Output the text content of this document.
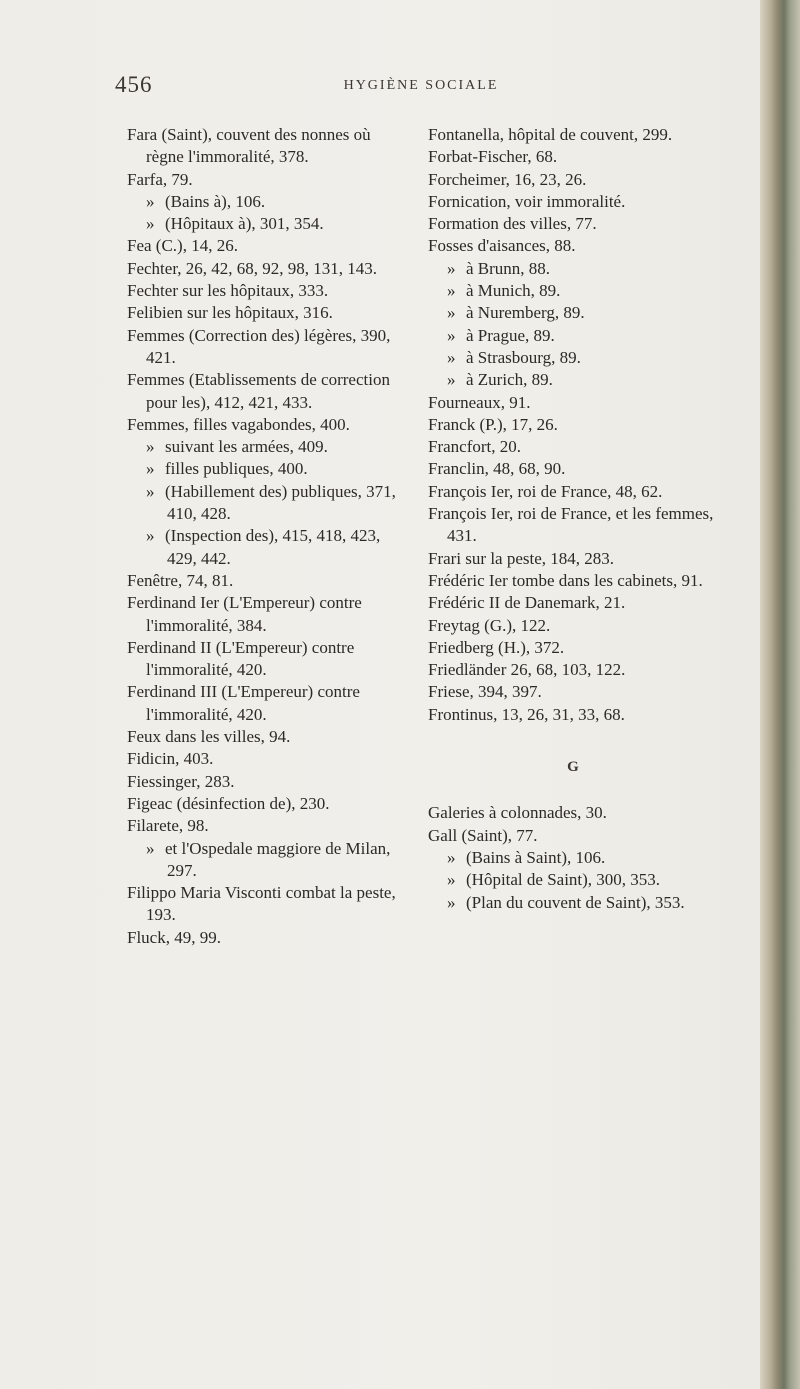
456	HYGIÈNE SOCIALE
Fara (Saint), couvent des nonnes où règne l'immoralité, 378.
Farfa, 79.
» (Bains à), 106.
» (Hôpitaux à), 301, 354.
Fea (C.), 14, 26.
Fechter, 26, 42, 68, 92, 98, 131, 143.
Fechter sur les hôpitaux, 333.
Felibien sur les hôpitaux, 316.
Femmes (Correction des) légères, 390, 421.
Femmes (Etablissements de correction pour les), 412, 421, 433.
Femmes, filles vagabondes, 400.
» suivant les armées, 409.
» filles publiques, 400.
» (Habillement des) publiques, 371, 410, 428.
» (Inspection des), 415, 418, 423, 429, 442.
Fenêtre, 74, 81.
Ferdinand Ier (L'Empereur) contre l'immoralité, 384.
Ferdinand II (L'Empereur) contre l'immoralité, 420.
Ferdinand III (L'Empereur) contre l'immoralité, 420.
Feux dans les villes, 94.
Fidicin, 403.
Fiessinger, 283.
Figeac (désinfection de), 230.
Filarete, 98.
» et l'Ospedale maggiore de Milan, 297.
Filippo Maria Visconti combat la peste, 193.
Fluck, 49, 99.
Fontanella, hôpital de couvent, 299.
Forbat-Fischer, 68.
Forcheimer, 16, 23, 26.
Fornication, voir immoralité.
Formation des villes, 77.
Fosses d'aisances, 88.
» à Brunn, 88.
» à Munich, 89.
» à Nuremberg, 89.
» à Prague, 89.
» à Strasbourg, 89.
» à Zurich, 89.
Fourneaux, 91.
Franck (P.), 17, 26.
Francfort, 20.
Franclin, 48, 68, 90.
François Ier, roi de France, 48, 62.
François Ier, roi de France, et les femmes, 431.
Frari sur la peste, 184, 283.
Frédéric Ier tombe dans les cabinets, 91.
Frédéric II de Danemark, 21.
Freytag (G.), 122.
Friedberg (H.), 372.
Friedländer 26, 68, 103, 122.
Friese, 394, 397.
Frontinus, 13, 26, 31, 33, 68.
G
Galeries à colonnades, 30.
Gall (Saint), 77.
» (Bains à Saint), 106.
» (Hôpital de Saint), 300, 353.
» (Plan du couvent de Saint), 353.
